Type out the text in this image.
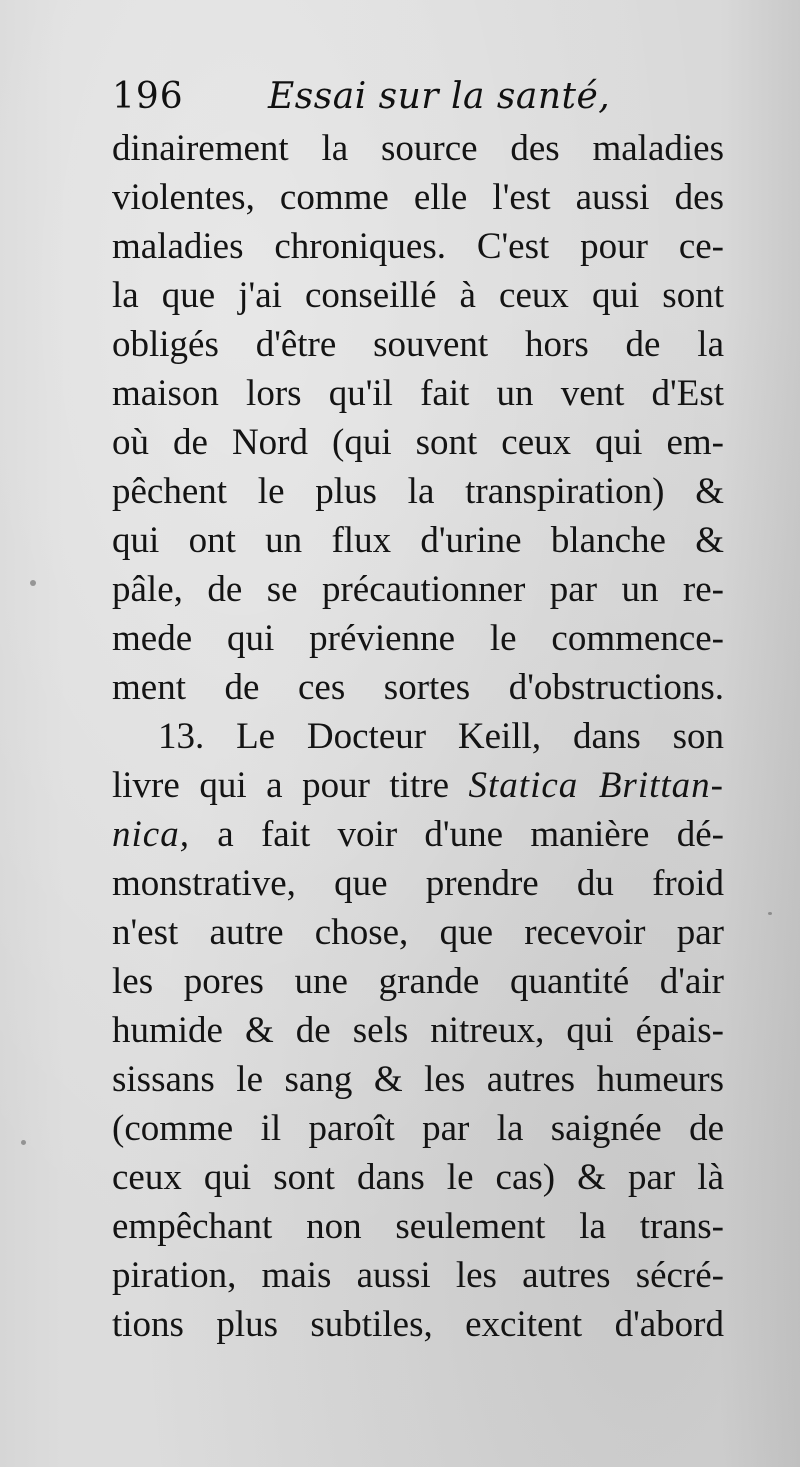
196 Essai sur la santé,
dinairement la source des maladies
violentes, comme elle l'est aussi des
maladies chroniques. C'est pour ce-
la que j'ai conseillé à ceux qui sont
obligés d'être souvent hors de la
maison lors qu'il fait un vent d'Est
où de Nord (qui sont ceux qui em-
pêchent le plus la transpiration) &
qui ont un flux d'urine blanche &
pâle, de se précautionner par un re-
mede qui prévienne le commence-
ment de ces sortes d'obstructions.
13. Le Docteur Keill, dans son
livre qui a pour titre Statica Brittan-
nica, a fait voir d'une manière dé-
monstrative, que prendre du froid
n'est autre chose, que recevoir par
les pores une grande quantité d'air
humide & de sels nitreux, qui épais-
sissans le sang & les autres humeurs
(comme il paroît par la saignée de
ceux qui sont dans le cas) & par là
empêchant non seulement la trans-
piration, mais aussi les autres sécré-
tions plus subtiles, excitent d'abord
